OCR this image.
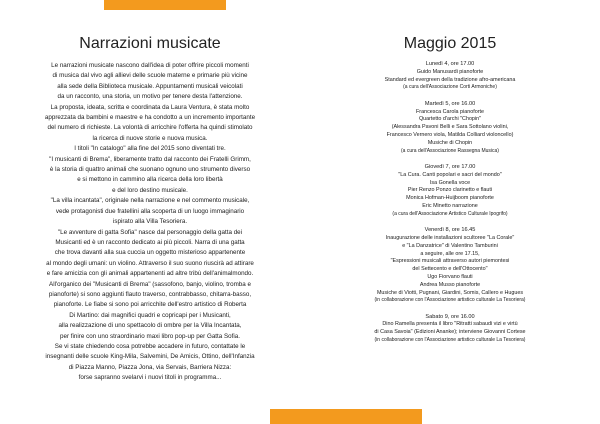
Narrazioni musicate
Le narrazioni musicate nascono dall'idea di poter offrire piccoli momenti
di musica dal vivo agli allievi delle scuole materne e primarie più vicine
alla sede della Biblioteca musicale. Appuntamenti musicali veicolati
da un racconto, una storia, un motivo per tenere desta l'attenzione.
La proposta, ideata, scritta e coordinata da Laura Ventura, è stata molto
apprezzata da bambini e maestre e ha condotto a un incremento importante
del numero di richieste. La volontà di arricchire l'offerta ha quindi stimolato
la ricerca di nuove storie e nuova musica.
I titoli "In catalogo" alla fine del 2015 sono diventati tre.
"I musicanti di Brema", liberamente tratto dal racconto dei Fratelli Grimm,
è la storia di quattro animali che suonano ognuno uno strumento diverso
e si mettono in cammino alla ricerca della loro libertà
e del loro destino musicale.
"La villa incantata", originale nella narrazione e nel commento musicale,
vede protagonisti due fratellini alla scoperta di un luogo immaginario
ispirato alla Villa Tesoriera.
"Le avventure di gatta Sofia" nasce dal personaggio della gatta dei
Musicanti ed è un racconto dedicato ai più piccoli. Narra di una gatta
che trova davanti alla sua cuccia un oggetto misterioso appartenente
al mondo degli umani: un violino. Attraverso il suo suono riuscirà ad attirare
e fare amicizia con gli animali appartenenti ad altre tribù dell'animalmondo.
All'organico dei "Musicanti di Brema" (sassofono, banjo, violino, tromba e
pianoforte) si sono aggiunti flauto traverso, contrabbasso, chitarra-basso,
pianoforte. Le fiabe si sono poi arricchite dell'estro artistico di Roberta
Di Martino: dai magnifici quadri e copricapi per i Musicanti,
alla realizzazione di uno spettacolo di ombre per la Villa Incantata,
per finire con uno straordinario maxi libro pop-up per Gatta Sofia.
Se vi state chiedendo cosa potrebbe accadere in futuro, contattate le
insegnanti delle scuole King-Mila, Salvemini, De Amicis, Ottino, dell'Infanzia
di Piazza Manno, Piazza Jona, via Servais, Barriera Nizza:
forse sapranno svelarvi i nuovi titoli in programma...
Maggio 2015
Lunedì 4, ore 17.00
Guido Manusardi pianoforte
Standard ed evergreen della tradizione afro-americana
(a cura dell'Associazione Corti Armoniche)
Martedì 5, ore 16.00
Francesca Carola pianoforte
Quartetto d'archi "Chopin"
(Alessandra Pavoni Belli e Sara Sottolano violini,
Francesco Vernero viola, Matilda Colliard violoncello)
Musiche di Chopin
(a cura dell'Associazione Rassegna Musica)
Giovedì 7, ore 17.00
"La Cura. Canti popolari e sacri del mondo"
Isa Gonella voce
Pier Renzo Ponzo clarinetto e flauti
Monica Hofman-Huijboom pianoforte
Eric Minetto narrazione
(a cura dell'Associazione Artistico Culturale Ipogrifo)
Venerdì 8, ore 16.45
Inaugurazione delle installazioni scultoree "La Corale"
e "La Danzatrice" di Valentino Tamburini
a seguire, alle ore 17.15,
"Espressioni musicali attraverso autori piemontesi
del Settecento e dell'Ottocento"
Ugo Fiorvano flauti
Andrea Musso pianoforte
Musiche di Viotti, Pugnani, Giardini, Somis, Callero e Hugues
(in collaborazione con l'Associazione artistico culturale La Tesoriera)
Sabato 9, ore 16.00
Dino Ramella presenta il libro "Ritratti sabaudi vizi e virtù
di Casa Savoia" (Edizioni Ananke); interviene Giovanni Cortese
(in collaborazione con l'Associazione artistico culturale La Tesoriera)
